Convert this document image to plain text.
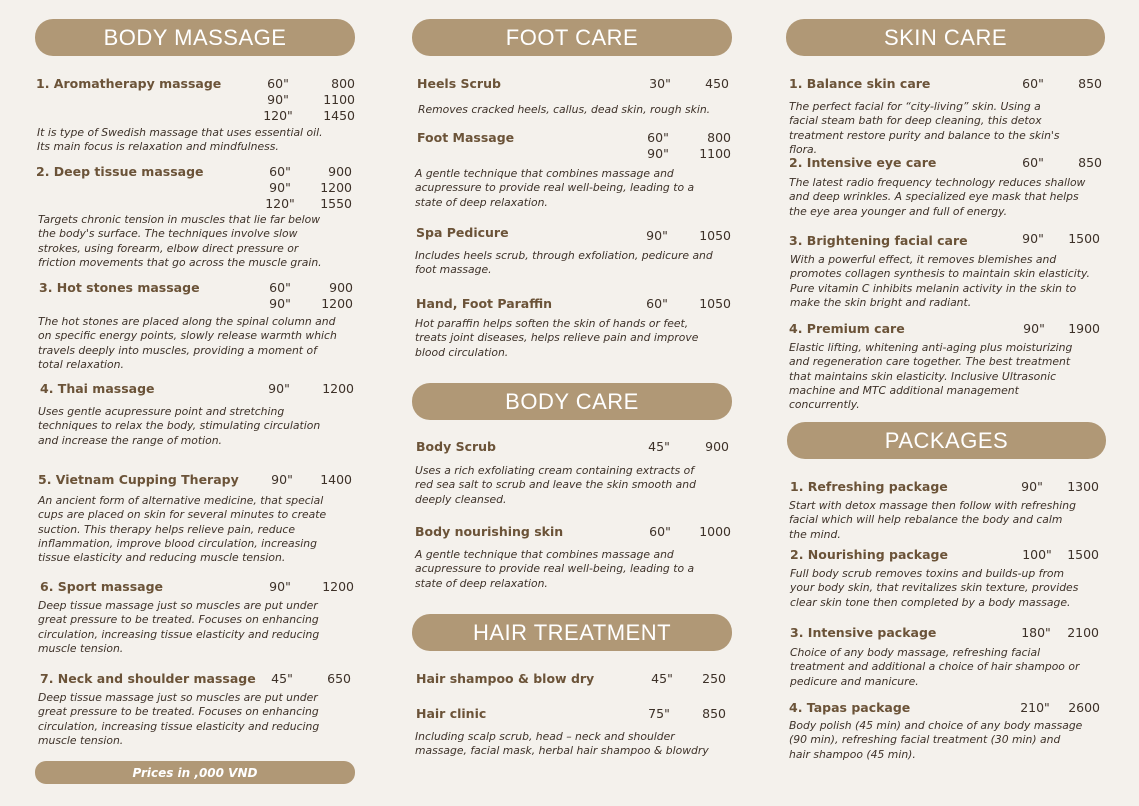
BODY MASSAGE
1. Aromatherapy massage	60"	800
90"	1100
120"	1450
It is type of Swedish massage that uses essential oil. Its main focus is relaxation and mindfulness.
2. Deep tissue massage	60"	900
90"	1200
120"	1550
Targets chronic tension in muscles that lie far below the body's surface. The techniques involve slow strokes, using forearm, elbow direct pressure or friction movements that go across the muscle grain.
3. Hot stones massage	60"	900
90"	1200
The hot stones are placed along the spinal column and on specific energy points, slowly release warmth which travels deeply into muscles, providing a moment of total relaxation.
4. Thai massage	90"	1200
Uses gentle acupressure point and stretching techniques to relax the body, stimulating circulation and increase the range of motion.
5. Vietnam Cupping Therapy	90"	1400
An ancient form of alternative medicine, that special cups are placed on skin for several minutes to create suction. This therapy helps relieve pain, reduce inflammation, improve blood circulation, increasing tissue elasticity and reducing muscle tension.
6. Sport massage	90"	1200
Deep tissue massage just so muscles are put under great pressure to be treated. Focuses on enhancing circulation, increasing tissue elasticity and reducing muscle tension.
7. Neck and shoulder massage	45"	650
Deep tissue massage just so muscles are put under great pressure to be treated. Focuses on enhancing circulation, increasing tissue elasticity and reducing muscle tension.
Prices in ,000 VND
FOOT CARE
Heels Scrub	30"	450
Removes cracked heels, callus, dead skin, rough skin.
Foot Massage	60"	800
90"	1100
A gentle technique that combines massage and acupressure to provide real well-being, leading to a state of deep relaxation.
Spa Pedicure	90"	1050
Includes heels scrub, through exfoliation, pedicure and foot massage.
Hand, Foot Paraffin	60"	1050
Hot paraffin helps soften the skin of hands or feet, treats joint diseases, helps relieve pain and improve blood circulation.
BODY CARE
Body Scrub	45"	900
Uses a rich exfoliating cream containing extracts of red sea salt to scrub and leave the skin smooth and deeply cleansed.
Body nourishing skin	60"	1000
A gentle technique that combines massage and acupressure to provide real well-being, leading to a state of deep relaxation.
HAIR TREATMENT
Hair shampoo & blow dry	45"	250
Hair clinic	75"	850
Including scalp scrub, head – neck and shoulder massage, facial mask, herbal hair shampoo & blowdry
SKIN CARE
1. Balance skin care	60"	850
The perfect facial for “city-living” skin. Using a facial steam bath for deep cleaning, this detox treatment restore purity and balance to the skin's flora.
2. Intensive eye care	60"	850
The latest radio frequency technology reduces shallow and deep wrinkles. A specialized eye mask that helps the eye area younger and full of energy.
3. Brightening facial care	90"	1500
With a powerful effect, it removes blemishes and promotes collagen synthesis to maintain skin elasticity. Pure vitamin C inhibits melanin activity in the skin to make the skin bright and radiant.
4. Premium care	90"	1900
Elastic lifting, whitening anti-aging plus moisturizing and regeneration care together. The best treatment that maintains skin elasticity. Inclusive Ultrasonic machine and MTC additional management concurrently.
PACKAGES
1. Refreshing package	90"	1300
Start with detox massage then follow with refreshing facial which will help rebalance the body and calm the mind.
2. Nourishing package	100"	1500
Full body scrub removes toxins and builds-up from your body skin, that revitalizes skin texture, provides clear skin tone then completed by a body massage.
3. Intensive package	180"	2100
Choice of any body massage, refreshing facial treatment and additional a choice of hair shampoo or pedicure and manicure.
4. Tapas package	210"	2600
Body polish (45 min) and choice of any body massage (90 min), refreshing facial treatment (30 min) and hair shampoo (45 min).
